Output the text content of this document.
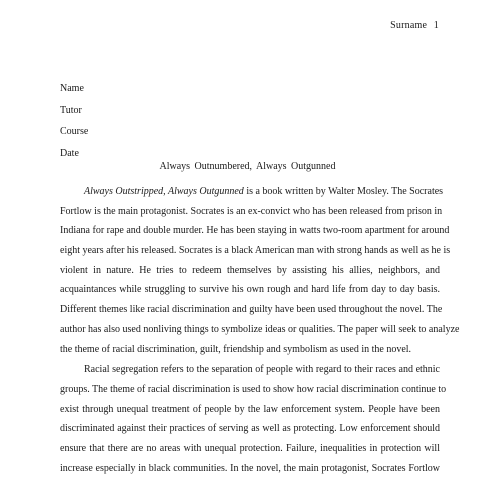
Surname 1
Name
Tutor
Course
Date
Always Outnumbered, Always Outgunned
Always Outstripped, Always Outgunned is a book written by Walter Mosley. The Socrates
Fortlow is the main protagonist. Socrates is an ex-convict who has been released from prison in
Indiana for rape and double murder. He has been staying in watts two-room apartment for around
eight years after his released. Socrates is a black American man with strong hands as well as he is
violent in nature. He tries to redeem themselves by assisting his allies, neighbors, and
acquaintances while struggling to survive his own rough and hard life from day to day basis.
Different themes like racial discrimination and guilty have been used throughout the novel. The
author has also used nonliving things to symbolize ideas or qualities. The paper will seek to analyze
the theme of racial discrimination, guilt, friendship and symbolism as used in the novel.
Racial segregation refers to the separation of people with regard to their races and ethnic
groups. The theme of racial discrimination is used to show how racial discrimination continue to
exist through unequal treatment of people by the law enforcement system. People have been
discriminated against their practices of serving as well as protecting. Low enforcement should
ensure that there are no areas with unequal protection. Failure, inequalities in protection will
increase especially in black communities. In the novel, the main protagonist, Socrates Fortlow
